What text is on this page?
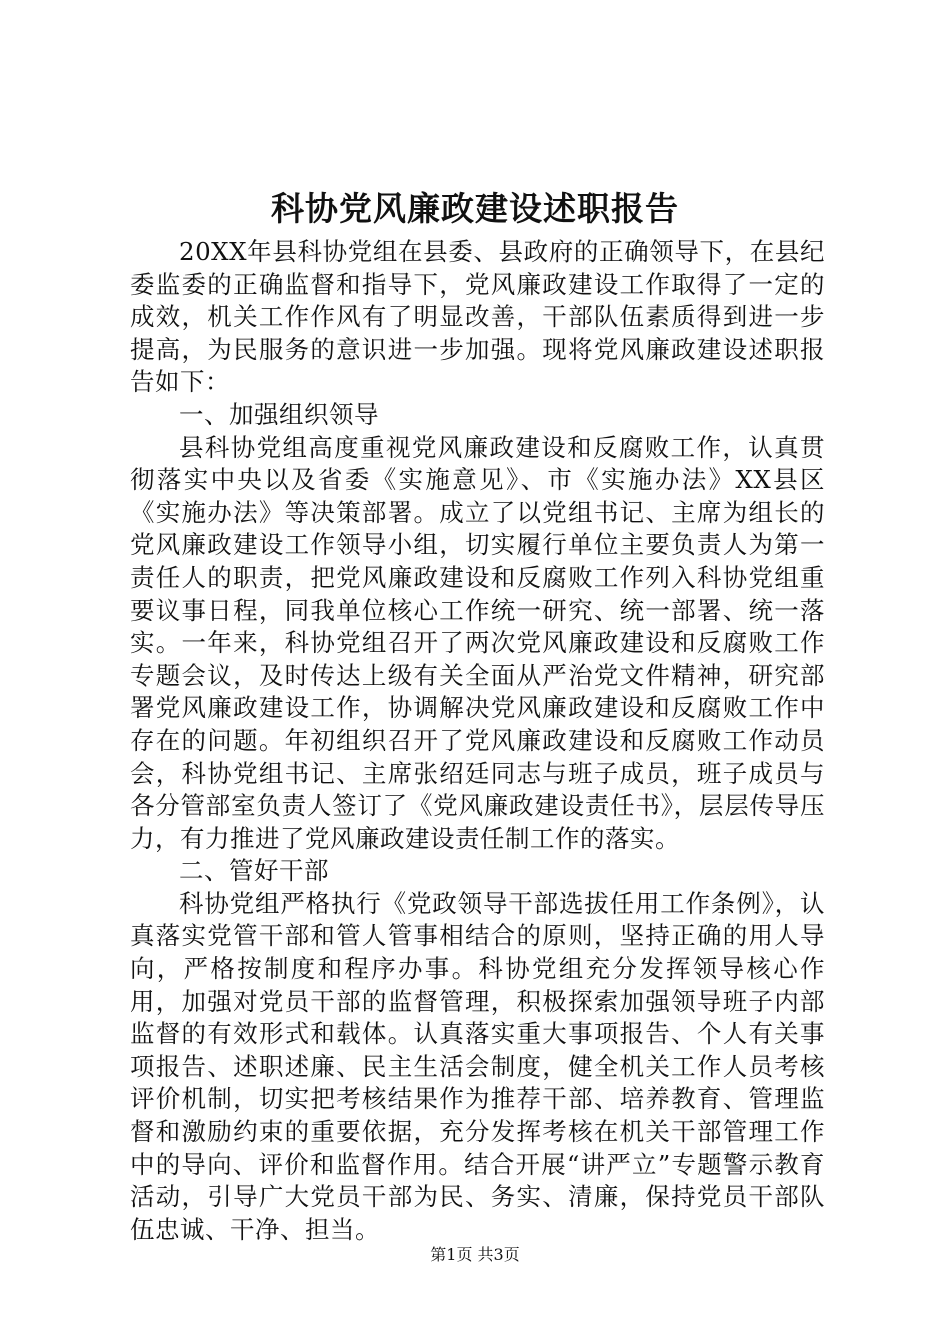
科协党风廉政建设述职报告

20XX年县科协党组在县委、县政府的正确领导下，在县纪委监委的正确监督和指导下，党风廉政建设工作取得了一定的成效，机关工作作风有了明显改善，干部队伍素质得到进一步提高，为民服务的意识进一步加强。现将党风廉政建设述职报告如下：

一、加强组织领导

县科协党组高度重视党风廉政建设和反腐败工作，认真贯彻落实中央以及省委《实施意见》、市《实施办法》XX县区《实施办法》等决策部署。成立了以党组书记、主席为组长的党风廉政建设工作领导小组，切实履行单位主要负责人为第一责任人的职责，把党风廉政建设和反腐败工作列入科协党组重要议事日程，同我单位核心工作统一研究、统一部署、统一落实。一年来，科协党组召开了两次党风廉政建设和反腐败工作专题会议，及时传达上级有关全面从严治党文件精神，研究部署党风廉政建设工作，协调解决党风廉政建设和反腐败工作中存在的问题。年初组织召开了党风廉政建设和反腐败工作动员会，科协党组书记、主席张绍廷同志与班子成员，班子成员与各分管部室负责人签订了《党风廉政建设责任书》，层层传导压力，有力推进了党风廉政建设责任制工作的落实。

二、管好干部

科协党组严格执行《党政领导干部选拔任用工作条例》，认真落实党管干部和管人管事相结合的原则，坚持正确的用人导向，严格按制度和程序办事。科协党组充分发挥领导核心作用，加强对党员干部的监督管理，积极探索加强领导班子内部监督的有效形式和载体。认真落实重大事项报告、个人有关事项报告、述职述廉、民主生活会制度，健全机关工作人员考核评价机制，切实把考核结果作为推荐干部、培养教育、管理监督和激励约束的重要依据，充分发挥考核在机关干部管理工作中的导向、评价和监督作用。结合开展“讲严立”专题警示教育活动，引导广大党员干部为民、务实、清廉，保持党员干部队伍忠诚、干净、担当。

第1页 共3页
